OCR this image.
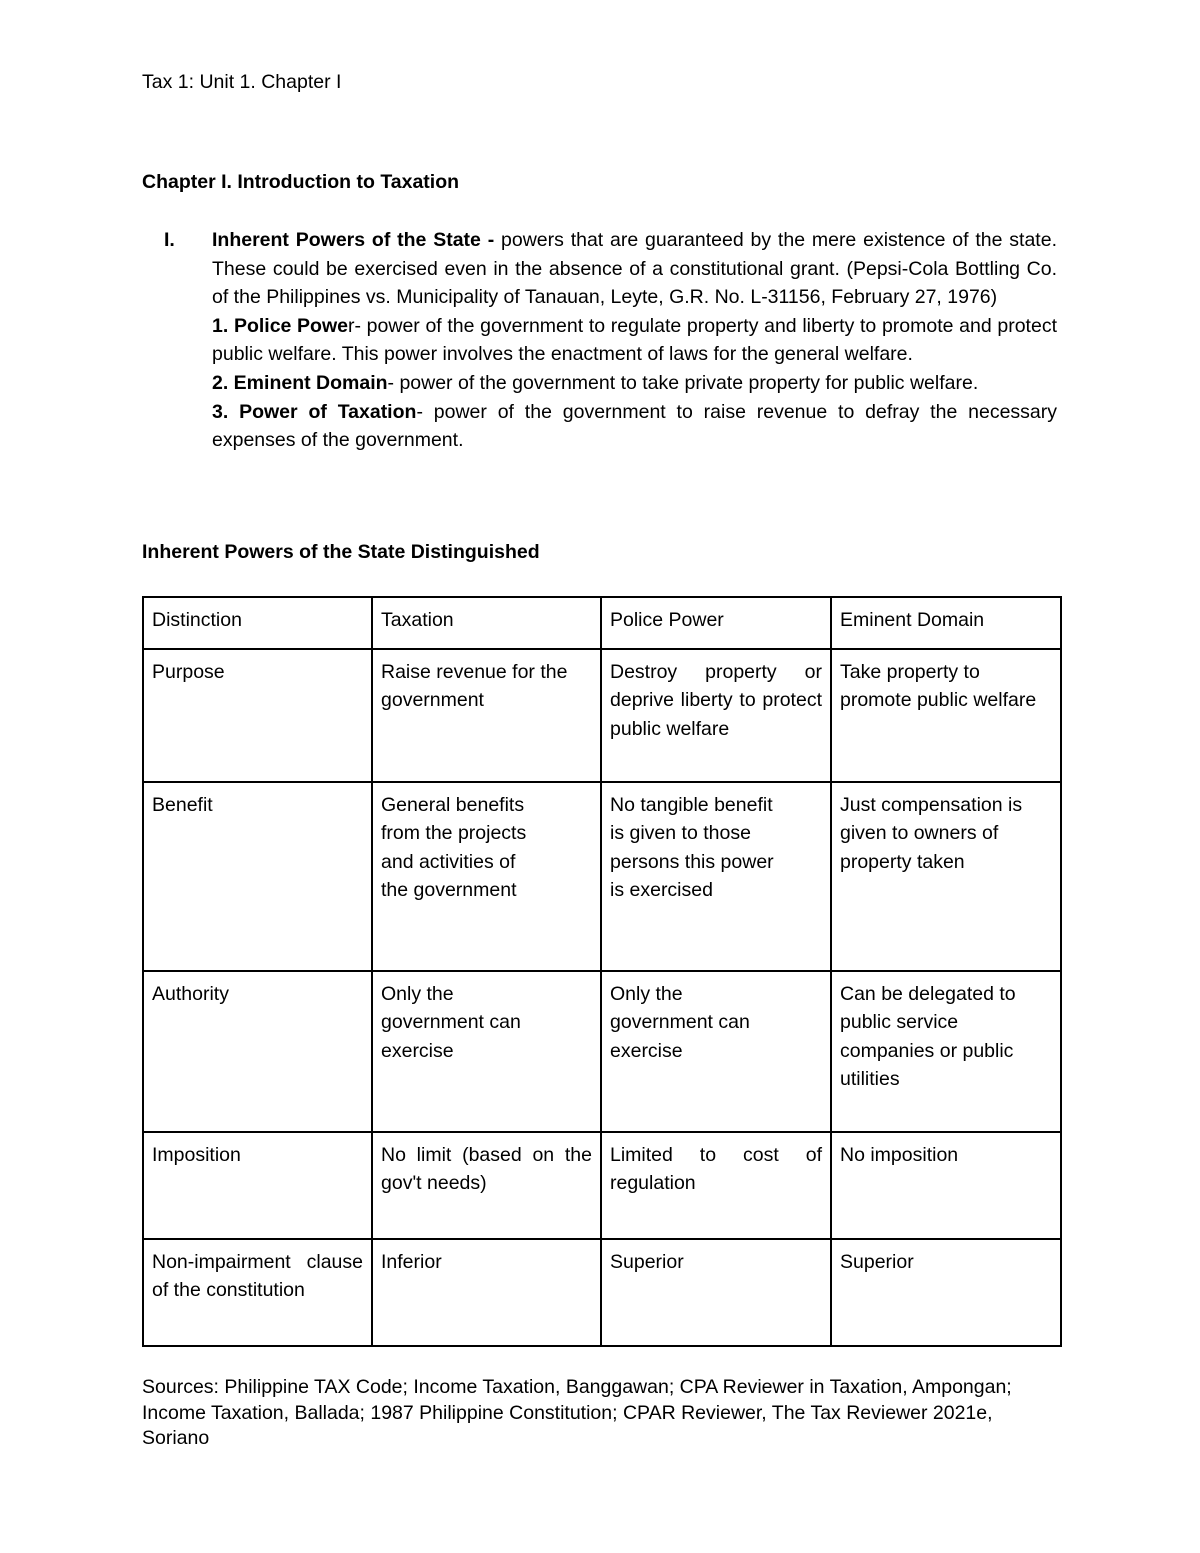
Tax 1: Unit 1. Chapter I
Chapter I. Introduction to Taxation
I. Inherent Powers of the State - powers that are guaranteed by the mere existence of the state. These could be exercised even in the absence of a constitutional grant. (Pepsi-Cola Bottling Co. of the Philippines vs. Municipality of Tanauan, Leyte, G.R. No. L-31156, February 27, 1976)

1. Police Power- power of the government to regulate property and liberty to promote and protect public welfare. This power involves the enactment of laws for the general welfare.

2. Eminent Domain- power of the government to take private property for public welfare.

3. Power of Taxation- power of the government to raise revenue to defray the necessary expenses of the government.

Inherent Powers of the State Distinguished
Distinction	Taxation	Police Power	Eminent Domain
Purpose	Raise revenue for the government	Destroy property or deprive liberty to protect public welfare	Take property to promote public welfare
Benefit	General benefits from the projects and activities of the government	No tangible benefit is given to those persons this power is exercised	Just compensation is given to owners of property taken
Authority	Only the government can exercise	Only the government can exercise	Can be delegated to public service companies or public utilities
Imposition	No limit (based on the gov't needs)	Limited to cost of regulation	No imposition
Non-impairment clause of the constitution	Inferior	Superior	Superior
Sources: Philippine TAX Code; Income Taxation, Banggawan; CPA Reviewer in Taxation, Ampongan; Income Taxation, Ballada; 1987 Philippine Constitution; CPAR Reviewer, The Tax Reviewer 2021e, Soriano
